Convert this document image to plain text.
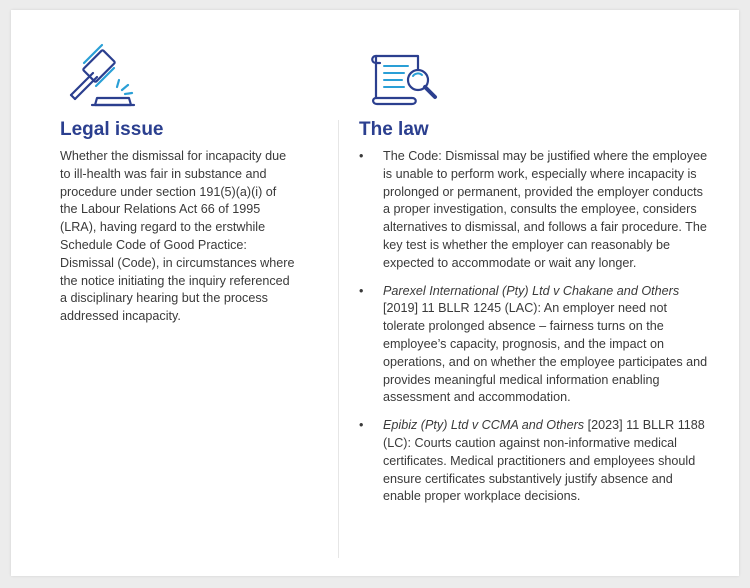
Legal issue

Whether the dismissal for incapacity due to ill-health was fair in substance and procedure under section 191(5)(a)(i) of the Labour Relations Act 66 of 1995 (LRA), having regard to the erstwhile Schedule Code of Good Practice: Dismissal (Code), in circumstances where the notice initiating the inquiry referenced a disciplinary hearing but the process addressed incapacity.

The law
• The Code: Dismissal may be justified where the employee is unable to perform work, especially where incapacity is prolonged or permanent, provided the employer conducts a proper investigation, consults the employee, considers alternatives to dismissal, and follows a fair procedure. The key test is whether the employer can reasonably be expected to accommodate or wait any longer.
• Parexel International (Pty) Ltd v Chakane and Others [2019] 11 BLLR 1245 (LAC): An employer need not tolerate prolonged absence – fairness turns on the employee’s capacity, prognosis, and the impact on operations, and on whether the employee participates and provides meaningful medical information enabling assessment and accommodation.
• Epibiz (Pty) Ltd v CCMA and Others [2023] 11 BLLR 1188 (LC): Courts caution against non-informative medical certificates. Medical practitioners and employees should ensure certificates substantively justify absence and enable proper workplace decisions.
